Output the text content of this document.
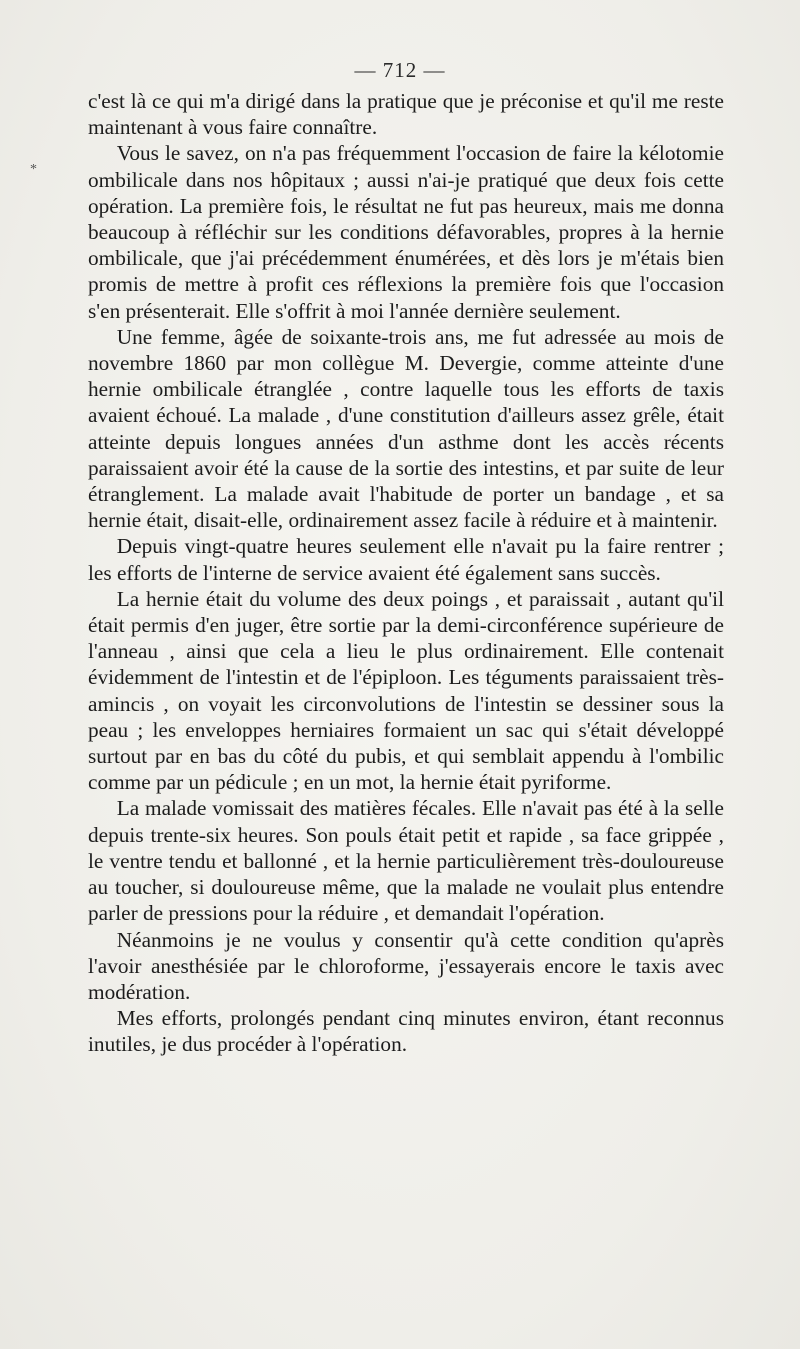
*
— 712 —

c'est là ce qui m'a dirigé dans la pratique que je préconise et qu'il me reste maintenant à vous faire connaître.

Vous le savez, on n'a pas fréquemment l'occasion de faire la kélotomie ombilicale dans nos hôpitaux ; aussi n'ai-je pratiqué que deux fois cette opération. La première fois, le résultat ne fut pas heureux, mais me donna beaucoup à réfléchir sur les conditions défavorables, propres à la hernie ombilicale, que j'ai précédemment énumérées, et dès lors je m'étais bien promis de mettre à profit ces réflexions la première fois que l'occasion s'en présenterait. Elle s'offrit à moi l'année dernière seulement.

Une femme, âgée de soixante-trois ans, me fut adressée au mois de novembre 1860 par mon collègue M. Devergie, comme atteinte d'une hernie ombilicale étranglée , contre laquelle tous les efforts de taxis avaient échoué. La malade , d'une constitution d'ailleurs assez grêle, était atteinte depuis longues années d'un asthme dont les accès récents paraissaient avoir été la cause de la sortie des intestins, et par suite de leur étranglement. La malade avait l'habitude de porter un bandage , et sa hernie était, disait-elle, ordinairement assez facile à réduire et à maintenir.

Depuis vingt-quatre heures seulement elle n'avait pu la faire rentrer ; les efforts de l'interne de service avaient été également sans succès.

La hernie était du volume des deux poings , et paraissait , autant qu'il était permis d'en juger, être sortie par la demi-circonférence supérieure de l'anneau , ainsi que cela a lieu le plus ordinairement. Elle contenait évidemment de l'intestin et de l'épiploon. Les téguments paraissaient très-amincis , on voyait les circonvolutions de l'intestin se dessiner sous la peau ; les enveloppes herniaires formaient un sac qui s'était développé surtout par en bas du côté du pubis, et qui semblait appendu à l'ombilic comme par un pédicule ; en un mot, la hernie était pyriforme.

La malade vomissait des matières fécales. Elle n'avait pas été à la selle depuis trente-six heures. Son pouls était petit et rapide , sa face grippée , le ventre tendu et ballonné , et la hernie particulièrement très-douloureuse au toucher, si douloureuse même, que la malade ne voulait plus entendre parler de pressions pour la réduire , et demandait l'opération.

Néanmoins je ne voulus y consentir qu'à cette condition qu'après l'avoir anesthésiée par le chloroforme, j'essayerais encore le taxis avec modération.

Mes efforts, prolongés pendant cinq minutes environ, étant reconnus inutiles, je dus procéder à l'opération.
